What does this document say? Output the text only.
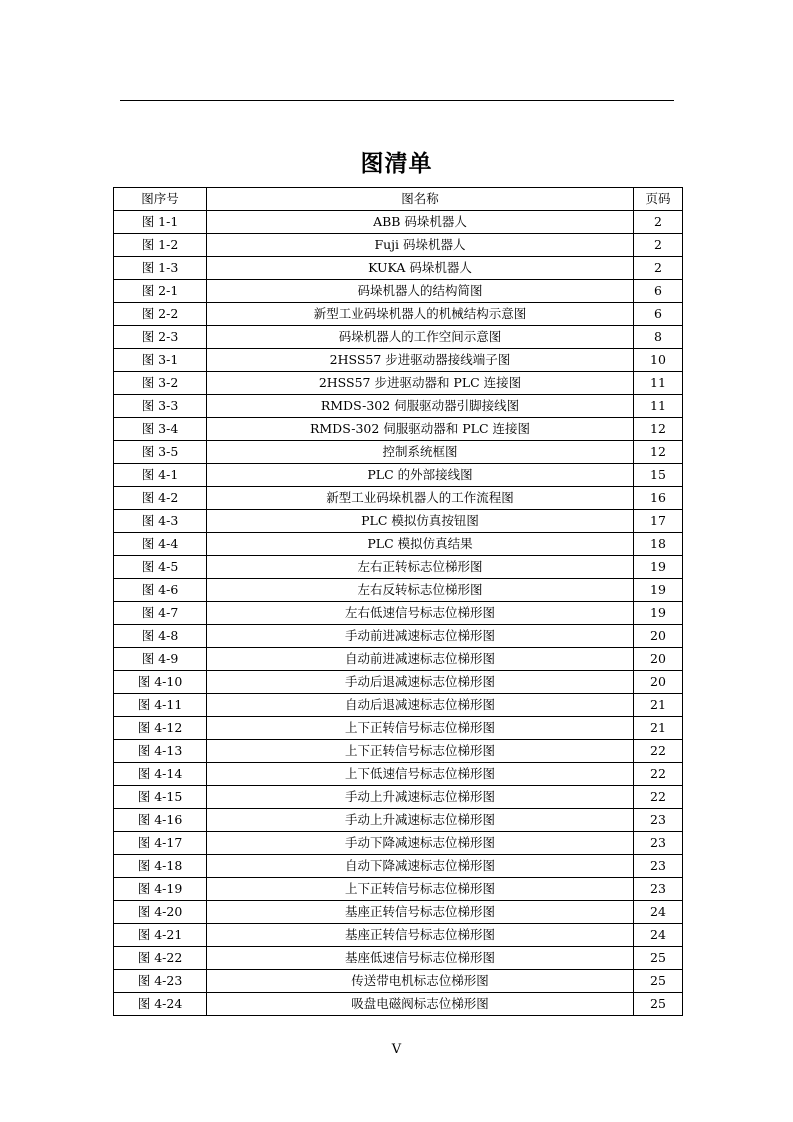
图清单
图序号	图名称	页码
图 1-1	ABB 码垛机器人	2
图 1-2	Fuji 码垛机器人	2
图 1-3	KUKA 码垛机器人	2
图 2-1	码垛机器人的结构简图	6
图 2-2	新型工业码垛机器人的机械结构示意图	6
图 2-3	码垛机器人的工作空间示意图	8
图 3-1	2HSS57 步进驱动器接线端子图	10
图 3-2	2HSS57 步进驱动器和 PLC 连接图	11
图 3-3	RMDS-302 伺服驱动器引脚接线图	11
图 3-4	RMDS-302 伺服驱动器和 PLC 连接图	12
图 3-5	控制系统框图	12
图 4-1	PLC 的外部接线图	15
图 4-2	新型工业码垛机器人的工作流程图	16
图 4-3	PLC 模拟仿真按钮图	17
图 4-4	PLC 模拟仿真结果	18
图 4-5	左右正转标志位梯形图	19
图 4-6	左右反转标志位梯形图	19
图 4-7	左右低速信号标志位梯形图	19
图 4-8	手动前进减速标志位梯形图	20
图 4-9	自动前进减速标志位梯形图	20
图 4-10	手动后退减速标志位梯形图	20
图 4-11	自动后退减速标志位梯形图	21
图 4-12	上下正转信号标志位梯形图	21
图 4-13	上下正转信号标志位梯形图	22
图 4-14	上下低速信号标志位梯形图	22
图 4-15	手动上升减速标志位梯形图	22
图 4-16	手动上升减速标志位梯形图	23
图 4-17	手动下降减速标志位梯形图	23
图 4-18	自动下降减速标志位梯形图	23
图 4-19	上下正转信号标志位梯形图	23
图 4-20	基座正转信号标志位梯形图	24
图 4-21	基座正转信号标志位梯形图	24
图 4-22	基座低速信号标志位梯形图	25
图 4-23	传送带电机标志位梯形图	25
图 4-24	吸盘电磁阀标志位梯形图	25
V
